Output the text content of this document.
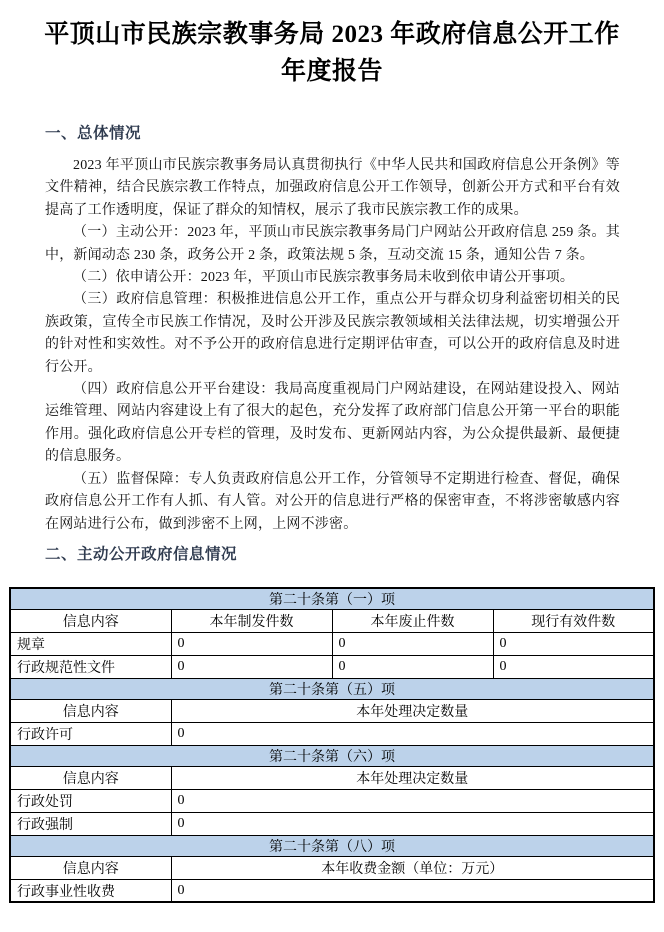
平顶山市民族宗教事务局 2023 年政府信息公开工作年度报告
一、总体情况

2023 年平顶山市民族宗教事务局认真贯彻执行《中华人民共和国政府信息公开条例》等文件精神，结合民族宗教工作特点，加强政府信息公开工作领导，创新公开方式和平台有效提高了工作透明度，保证了群众的知情权，展示了我市民族宗教工作的成果。

（一）主动公开：2023 年，平顶山市民族宗教事务局门户网站公开政府信息 259 条。其中，新闻动态 230 条，政务公开 2 条，政策法规 5 条，互动交流 15 条，通知公告 7 条。

（二）依申请公开：2023 年，平顶山市民族宗教事务局未收到依申请公开事项。

（三）政府信息管理：积极推进信息公开工作，重点公开与群众切身利益密切相关的民族政策，宣传全市民族工作情况，及时公开涉及民族宗教领域相关法律法规，切实增强公开的针对性和实效性。对不予公开的政府信息进行定期评估审查，可以公开的政府信息及时进行公开。

（四）政府信息公开平台建设：我局高度重视局门户网站建设，在网站建设投入、网站运维管理、网站内容建设上有了很大的起色，充分发挥了政府部门信息公开第一平台的职能作用。强化政府信息公开专栏的管理，及时发布、更新网站内容，为公众提供最新、最便捷的信息服务。

（五）监督保障：专人负责政府信息公开工作，分管领导不定期进行检查、督促，确保政府信息公开工作有人抓、有人管。对公开的信息进行严格的保密审查，不将涉密敏感内容在网站进行公布，做到涉密不上网，上网不涉密。

二、主动公开政府信息情况
第二十条第（一）项			
信息内容	本年制发件数	本年废止件数	现行有效件数
规章	0	0	0
行政规范性文件	0	0	0
第二十条第（五）项			
信息内容	本年处理决定数量		
行政许可	0		
第二十条第（六）项			
信息内容	本年处理决定数量		
行政处罚	0		
行政强制	0		
第二十条第（八）项			
信息内容	本年收费金额（单位：万元）		
行政事业性收费	0		
